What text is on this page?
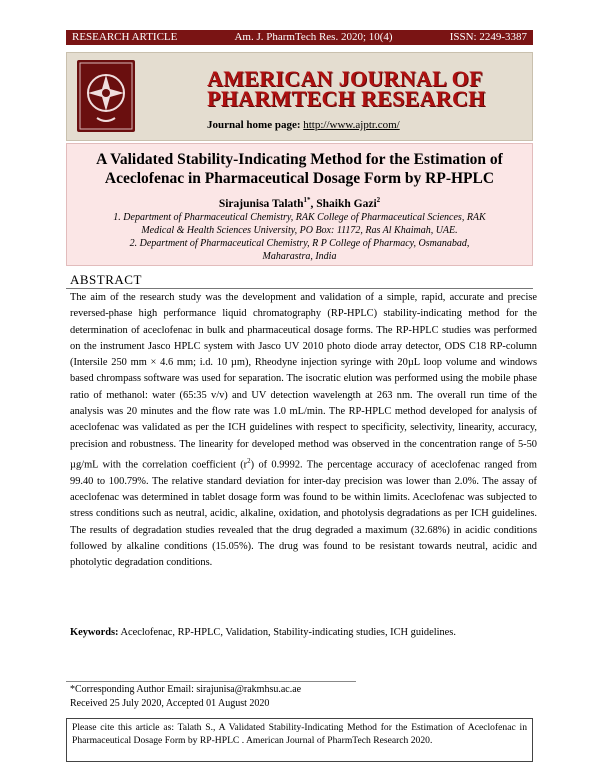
RESEARCH ARTICLE	Am. J. PharmTech Res. 2020; 10(4)	ISSN: 2249-3387
AMERICAN JOURNAL OF
PHARMTECH RESEARCH
Journal home page: http://www.ajptr.com/
A Validated Stability-Indicating Method for the Estimation of
Aceclofenac in Pharmaceutical Dosage Form by RP-HPLC
Sirajunisa Talath$^{1*}$, Shaikh Gazi$^2$
1. Department of Pharmaceutical Chemistry, RAK College of Pharmaceutical Sciences, RAK
Medical & Health Sciences University, PO Box: 11172, Ras Al Khaimah, UAE.
2. Department of Pharmaceutical Chemistry, R P College of Pharmacy, Osmanabad,
Maharastra, India
ABSTRACT
The aim of the research study was the development and validation of a simple, rapid, accurate and precise reversed-phase high performance liquid chromatography (RP-HPLC) stability-indicating method for the determination of aceclofenac in bulk and pharmaceutical dosage forms. The RP-HPLC studies was performed on the instrument Jasco HPLC system with Jasco UV 2010 photo diode array detector, ODS C18 RP-column (Intersile 250 mm × 4.6 mm; i.d. 10 µm), Rheodyne injection syringe with 20µL loop volume and windows based chrompass software was used for separation. The isocratic elution was performed using the mobile phase ratio of methanol: water (65:35 v/v) and UV detection wavelength at 263 nm. The overall run time of the analysis was 20 minutes and the flow rate was 1.0 mL/min. The RP-HPLC method developed for analysis of aceclofenac was validated as per the ICH guidelines with respect to specificity, selectivity, linearity, accuracy, precision and robustness. The linearity for developed method was observed in the concentration range of 5-50 µg/mL with the correlation coefficient $(r^2)$ of 0.9992. The percentage accuracy of aceclofenac ranged from 99.40 to 100.79%. The relative standard deviation for inter-day precision was lower than 2.0%. The assay of aceclofenac was determined in tablet dosage form was found to be within limits. Aceclofenac was subjected to stress conditions such as neutral, acidic, alkaline, oxidation, and photolysis degradations as per ICH guidelines. The results of degradation studies revealed that the drug degraded a maximum (32.68%) in acidic conditions followed by alkaline conditions (15.05%). The drug was found to be resistant towards neutral, acidic and photolytic degradation conditions.
Keywords: Aceclofenac, RP-HPLC, Validation, Stability-indicating studies, ICH guidelines.
*Corresponding Author Email: sirajunisa@rakmhsu.ac.ae
Received 25 July 2020, Accepted 01 August 2020
Please cite this article as: Talath S., A Validated Stability-Indicating Method for the Estimation of Aceclofenac in Pharmaceutical Dosage Form by RP-HPLC . American Journal of PharmTech Research 2020.
